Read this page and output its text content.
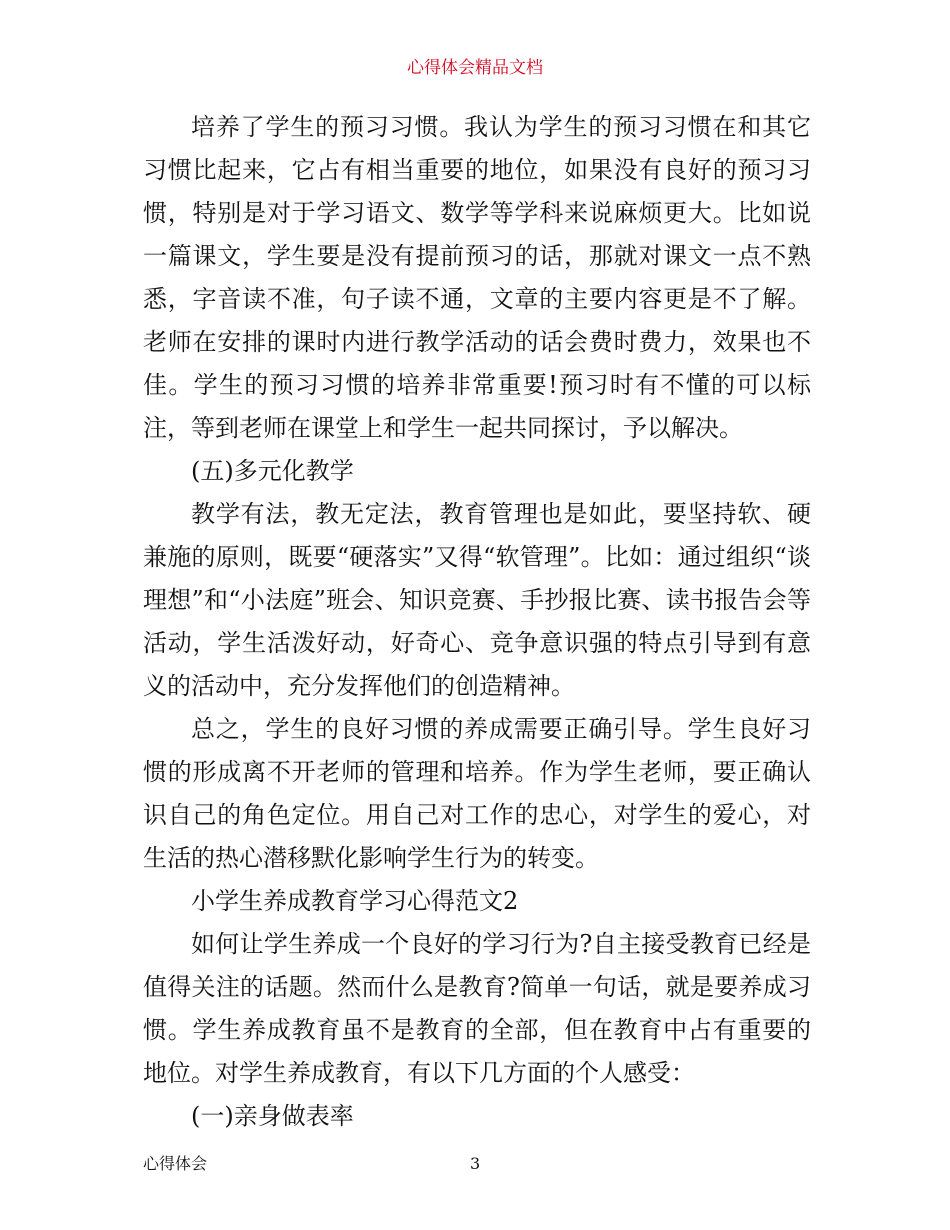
心得体会精品文档

培养了学生的预习习惯。我认为学生的预习习惯在和其它习惯比起来，它占有相当重要的地位，如果没有良好的预习习惯，特别是对于学习语文、数学等学科来说麻烦更大。比如说一篇课文，学生要是没有提前预习的话，那就对课文一点不熟悉，字音读不准，句子读不通，文章的主要内容更是不了解。老师在安排的课时内进行教学活动的话会费时费力，效果也不佳。学生的预习习惯的培养非常重要!预习时有不懂的可以标注，等到老师在课堂上和学生一起共同探讨，予以解决。

(五)多元化教学

教学有法，教无定法，教育管理也是如此，要坚持软、硬兼施的原则，既要“硬落实”又得“软管理”。比如：通过组织“谈理想”和“小法庭”班会、知识竞赛、手抄报比赛、读书报告会等活动，学生活泼好动，好奇心、竞争意识强的特点引导到有意义的活动中，充分发挥他们的创造精神。

总之，学生的良好习惯的养成需要正确引导。学生良好习惯的形成离不开老师的管理和培养。作为学生老师，要正确认识自己的角色定位。用自己对工作的忠心，对学生的爱心，对生活的热心潜移默化影响学生行为的转变。

小学生养成教育学习心得范文2

如何让学生养成一个良好的学习行为?自主接受教育已经是值得关注的话题。然而什么是教育?简单一句话，就是要养成习惯。学生养成教育虽不是教育的全部，但在教育中占有重要的地位。对学生养成教育，有以下几方面的个人感受：

(一)亲身做表率

心得体会	3
